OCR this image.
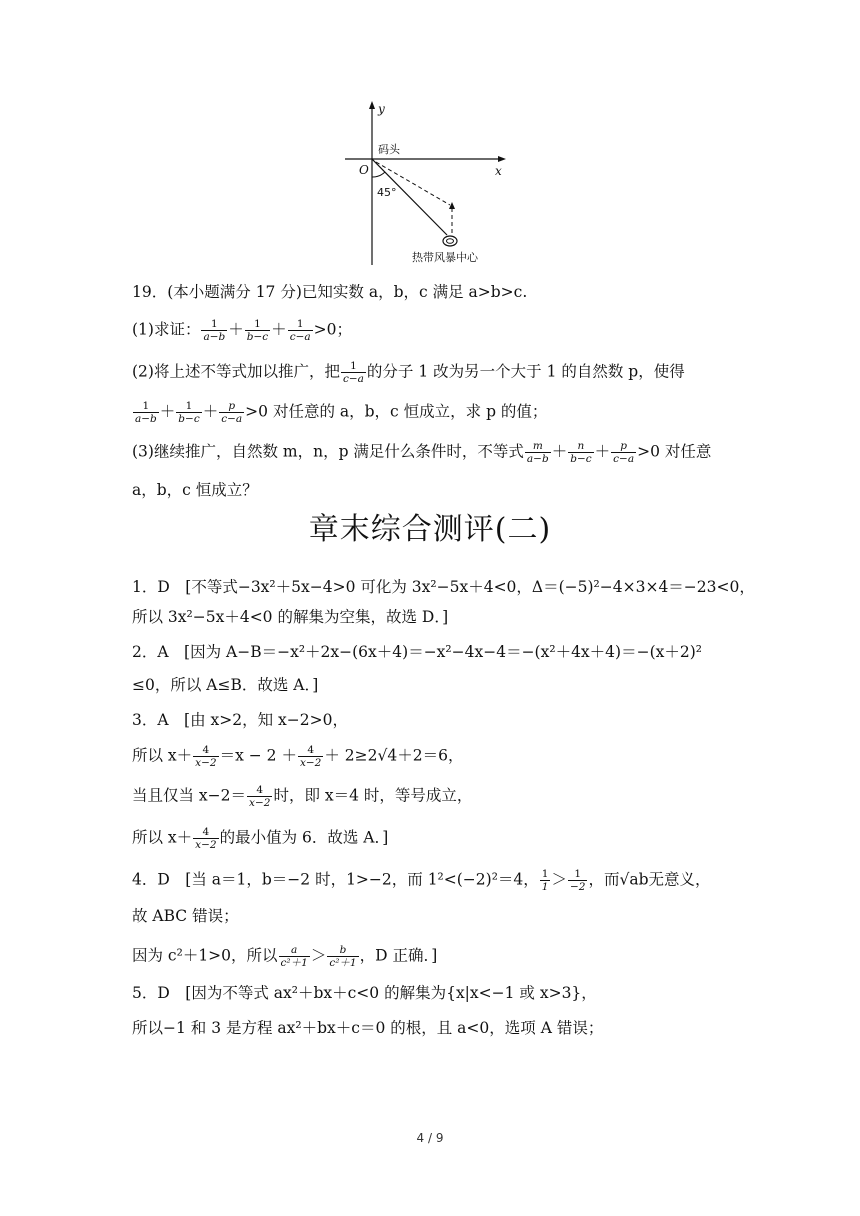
y
x
O
码头
45°
热带风暴中心
19．(本小题满分 17 分)已知实数 a，b，c 满足 a>b>c.
(1)求证： $\frac{1}{a-b} + \frac{1}{b-c} + \frac{1}{c-a} >0$；
(2)将上述不等式加以推广，把 $\frac{1}{c-a}$ 的分子 1 改为另一个大于 1 的自然数 p，使得
$\frac{1}{a-b} + \frac{1}{b-c} + \frac{p}{c-a} >0$ 对任意的 a，b，c 恒成立，求 p 的值；
(3)继续推广，自然数 m，n，p 满足什么条件时，不等式 $\frac{m}{a-b} + \frac{n}{b-c} + \frac{p}{c-a} >0$ 对任意
a，b，c 恒成立？
章末综合测评(二)
1．D　[不等式−3x²＋5x−4>0 可化为 3x²−5x＋4<0，Δ＝(−5)²−4×3×4＝−23<0，
所以 3x²−5x＋4<0 的解集为空集，故选 D．]
2．A　[因为 A−B＝−x²＋2x−(6x＋4)＝−x²−4x−4＝−(x²＋4x＋4)＝−(x＋2)²
≤0，所以 A≤B．故选 A．]
3．A　[由 x>2，知 x−2>0，
所以 $x+ \frac{4}{x-2} =x - 2 + \frac{4}{x-2} + 2\ge 2√4+2=6$，
当且仅当 $x-2= \frac{4}{x-2}$ 时，即 x＝4 时，等号成立，
所以 $x+ \frac{4}{x-2}$ 的最小值为 6．故选 A．]
4．D　[当 a＝1，b＝−2 时，1>−2，而 1²<(−2)²＝4， $\frac{1}{1} > \frac{1}{-2}$ ，而√ab无意义，
故 ABC 错误；
因为 c²＋1>0，所以 $\frac{a}{\text{c²＋1}} > \frac{b}{\text{c²＋1}}$ ，D 正确．]
5．D　[因为不等式 ax²＋bx＋c<0 的解集为{x|x<−1 或 x>3}，
所以−1 和 3 是方程 ax²＋bx＋c＝0 的根，且 a<0，选项 A 错误；
4 / 9
